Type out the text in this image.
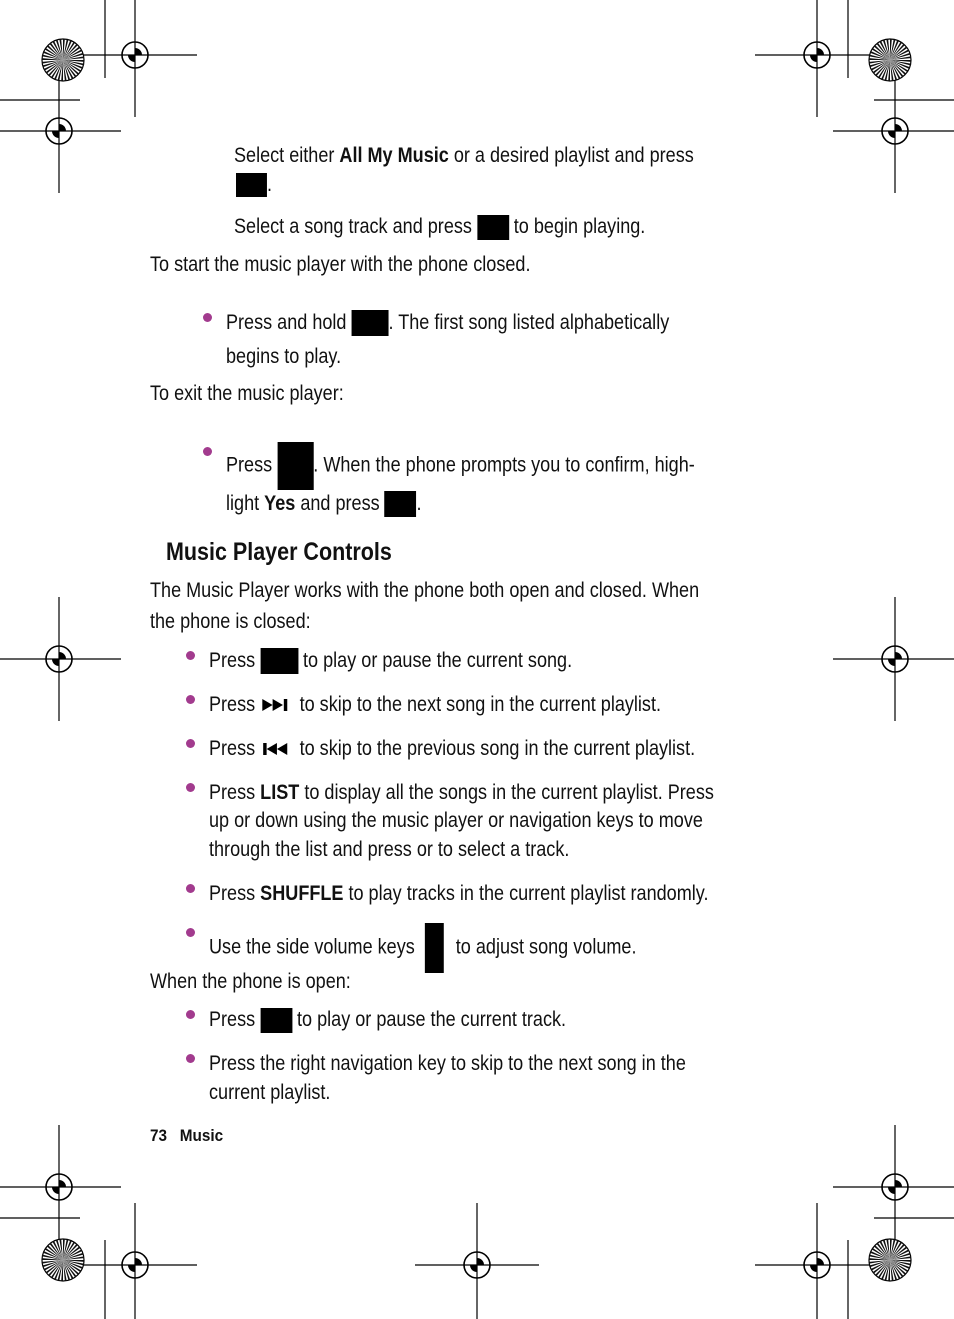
Select either All My Music or a desired playlist and press
.
Select a song track and press  to begin playing.
To start the music player with the phone closed.
Press and hold . The first song listed alphabetically
begins to play.
To exit the music player:
Press . When the phone prompts you to confirm, high-
light Yes and press .
Music Player Controls
The Music Player works with the phone both open and closed. When
the phone is closed:
Press  to play or pause the current song.
Press  to skip to the next song in the current playlist.
Press  to skip to the previous song in the current playlist.
Press LIST to display all the songs in the current playlist. Press
up or down using the music player or navigation keys to move
through the list and press or to select a track.
Press SHUFFLE to play tracks in the current playlist randomly.
Use the side volume keys  to adjust song volume.
When the phone is open:
Press  to play or pause the current track.
Press the right navigation key to skip to the next song in the
current playlist.
73 Music
